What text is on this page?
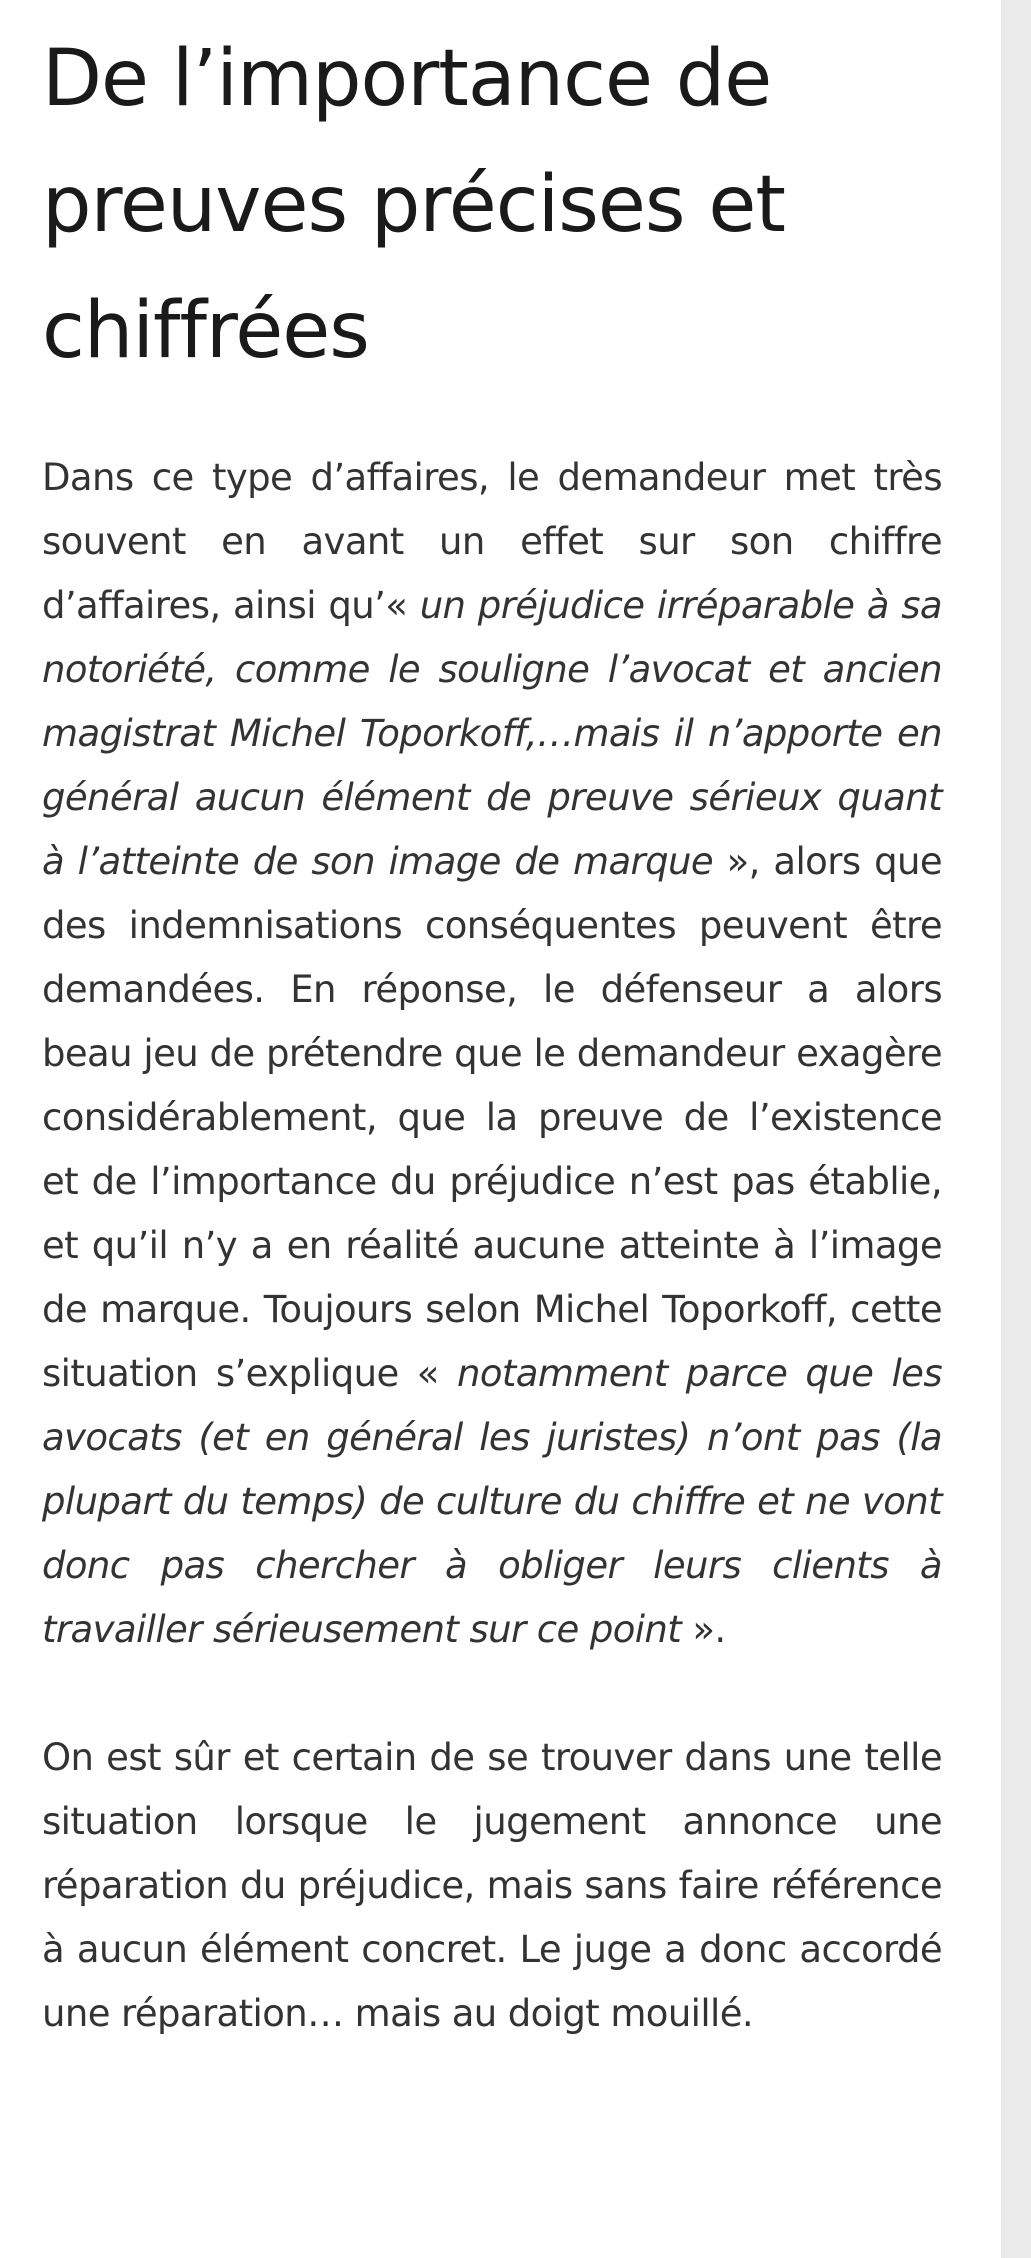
De l’importance de preuves précises et chiffrées

Dans ce type d’affaires, le demandeur met très souvent en avant un effet sur son chiffre d’affaires, ainsi qu’« un préjudice irréparable à sa notoriété, comme le souligne l’avocat et ancien magistrat Michel Toporkoff,…mais il n’apporte en général aucun élément de preuve sérieux quant à l’atteinte de son image de marque », alors que des indemnisations conséquentes peuvent être demandées. En réponse, le défenseur a alors beau jeu de prétendre que le demandeur exagère considérablement, que la preuve de l’existence et de l’importance du préjudice n’est pas établie, et qu’il n’y a en réalité aucune atteinte à l’image de marque. Toujours selon Michel Toporkoff, cette situation s’explique « notamment parce que les avocats (et en général les juristes) n’ont pas (la plupart du temps) de culture du chiffre et ne vont donc pas chercher à obliger leurs clients à travailler sérieusement sur ce point ».

On est sûr et certain de se trouver dans une telle situation lorsque le jugement annonce une réparation du préjudice, mais sans faire référence à aucun élément concret. Le juge a donc accordé une réparation… mais au doigt mouillé.
